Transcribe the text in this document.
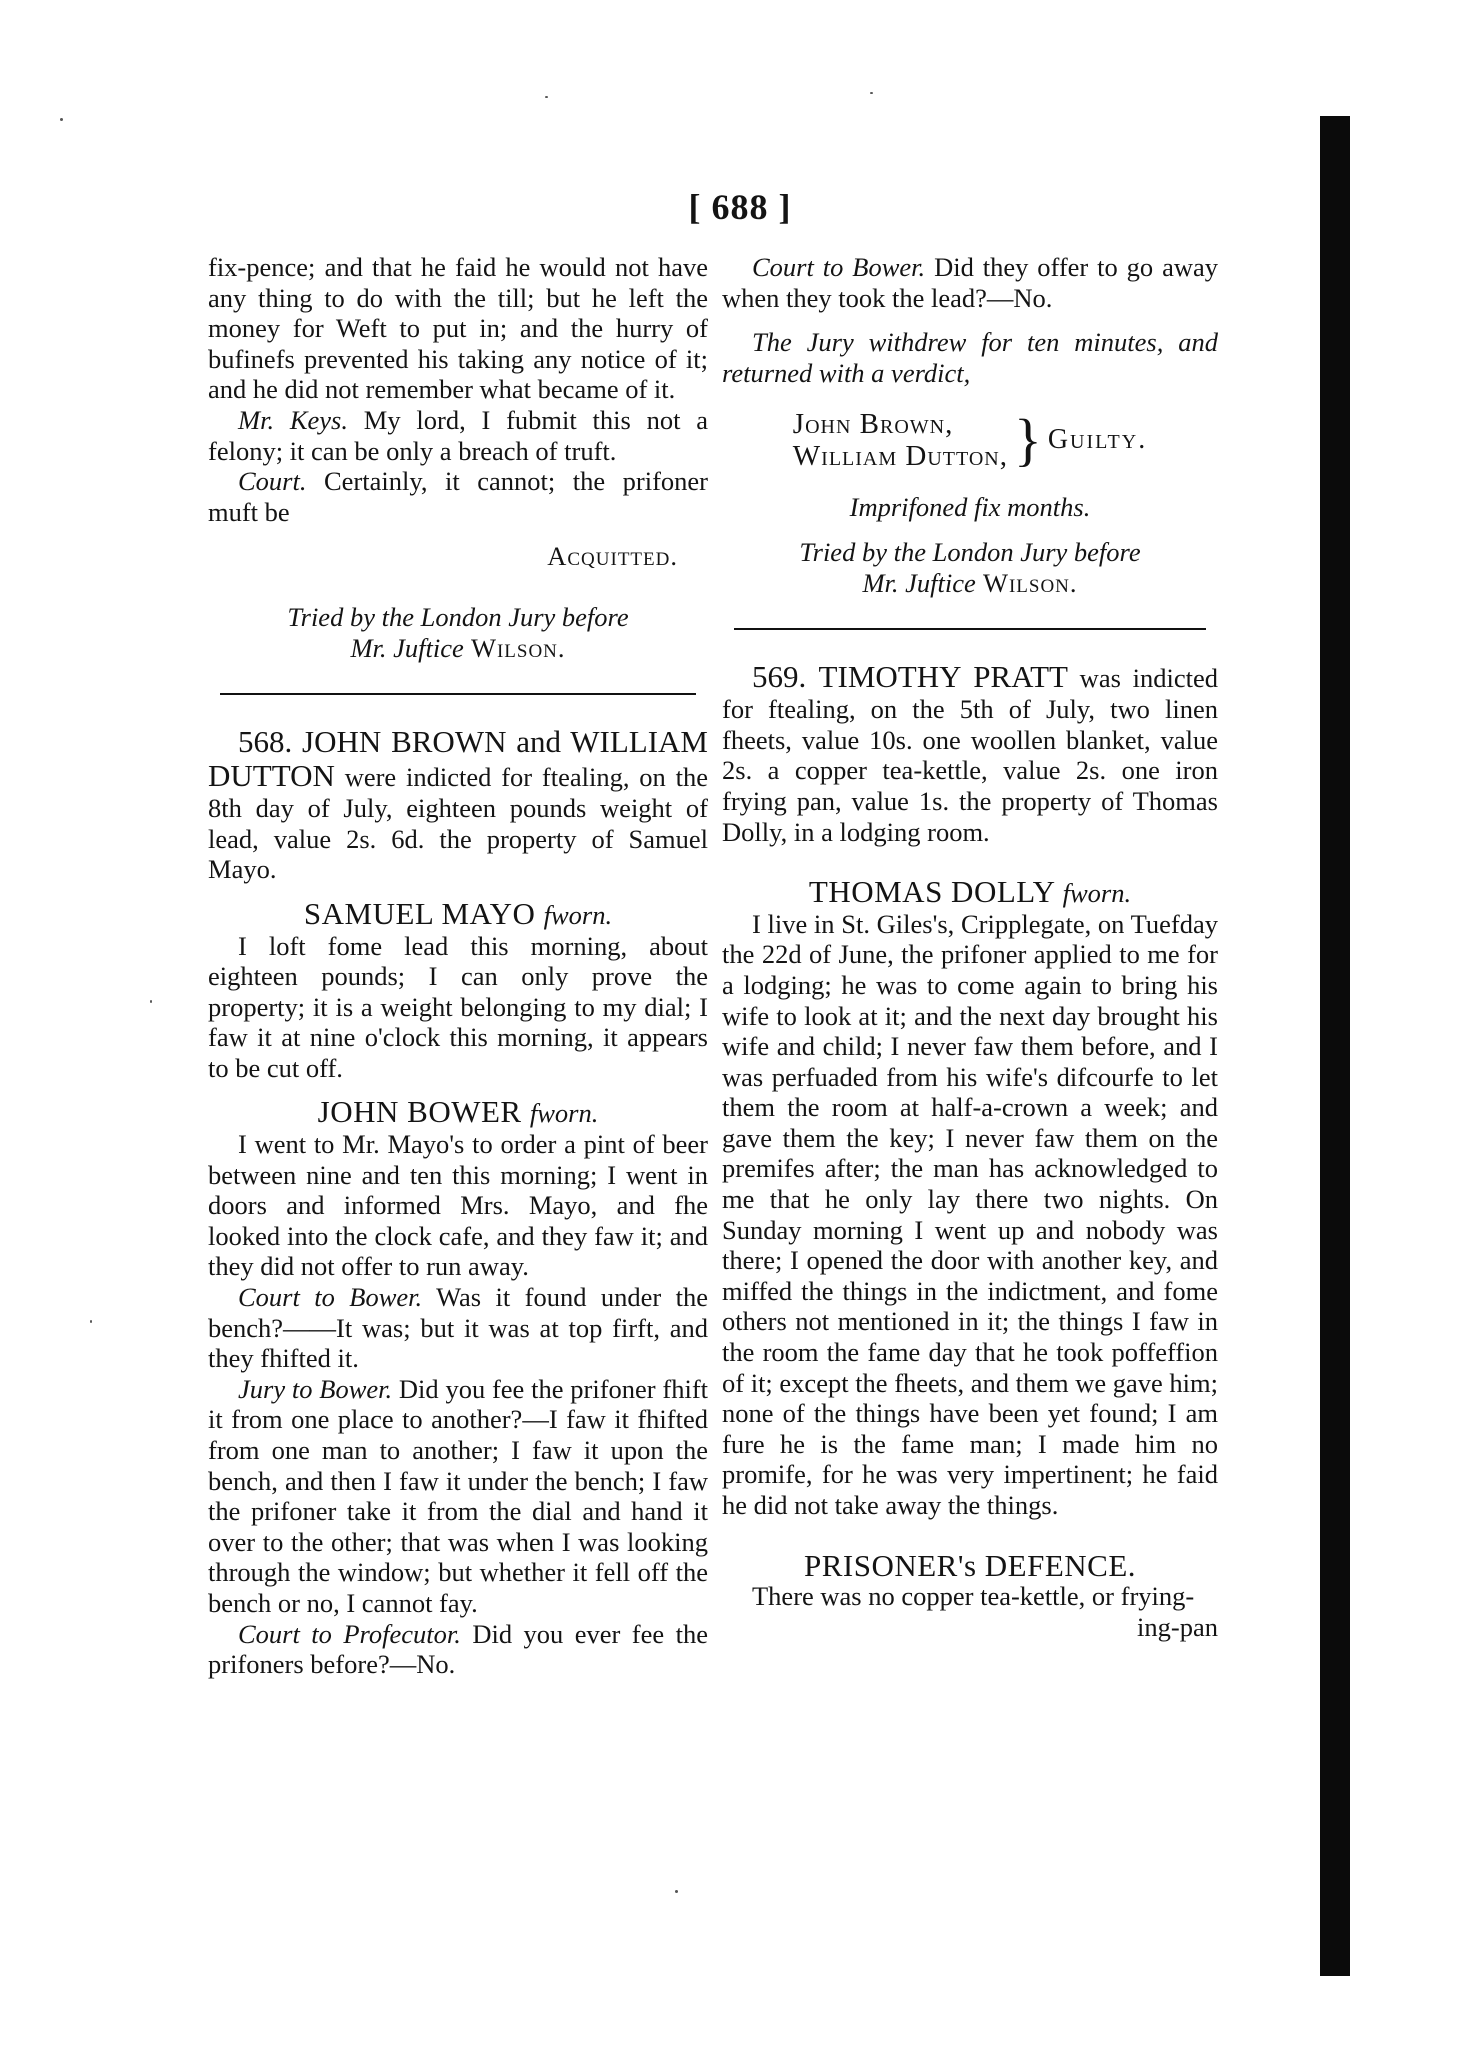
[ 688 ]

fix-pence; and that he faid he would not have any thing to do with the till; but he left the money for Weft to put in; and the hurry of bufinefs prevented his taking any notice of it; and he did not remember what became of it.

Mr. Keys. My lord, I fubmit this not a felony; it can be only a breach of truft.

Court. Certainly, it cannot; the prifoner muft be

Acquitted.

Tried by the London Jury before

Mr. Juftice Wilson.

568. JOHN BROWN and WILLIAM DUTTON were indicted for ftealing, on the 8th day of July, eighteen pounds weight of lead, value 2s. 6d. the property of Samuel Mayo.

SAMUEL MAYO fworn.

I loft fome lead this morning, about eighteen pounds; I can only prove the property; it is a weight belonging to my dial; I faw it at nine o'clock this morning, it appears to be cut off.

JOHN BOWER fworn.

I went to Mr. Mayo's to order a pint of beer between nine and ten this morning; I went in doors and informed Mrs. Mayo, and fhe looked into the clock cafe, and they faw it; and they did not offer to run away.

Court to Bower. Was it found under the bench?——It was; but it was at top firft, and they fhifted it.

Jury to Bower. Did you fee the prifoner fhift it from one place to another?—I faw it fhifted from one man to another; I faw it upon the bench, and then I faw it under the bench; I faw the prifoner take it from the dial and hand it over to the other; that was when I was looking through the window; but whether it fell off the bench or no, I cannot fay.

Court to Profecutor. Did you ever fee the prifoners before?—No.

Court to Bower. Did they offer to go away when they took the lead?—No.

The Jury withdrew for ten minutes, and returned with a verdict,

John Brown,
William Dutton, } Guilty.

Imprifoned fix months.

Tried by the London Jury before

Mr. Juftice Wilson.

569. TIMOTHY PRATT was indicted for ftealing, on the 5th of July, two linen fheets, value 10s. one woollen blanket, value 2s. a copper tea-kettle, value 2s. one iron frying pan, value 1s. the property of Thomas Dolly, in a lodging room.

THOMAS DOLLY fworn.

I live in St. Giles's, Cripplegate, on Tuefday the 22d of June, the prifoner applied to me for a lodging; he was to come again to bring his wife to look at it; and the next day brought his wife and child; I never faw them before, and I was perfuaded from his wife's difcourfe to let them the room at half-a-crown a week; and gave them the key; I never faw them on the premifes after; the man has acknowledged to me that he only lay there two nights. On Sunday morning I went up and nobody was there; I opened the door with another key, and miffed the things in the indictment, and fome others not mentioned in it; the things I faw in the room the fame day that he took poffeffion of it; except the fheets, and them we gave him; none of the things have been yet found; I am fure he is the fame man; I made him no promife, for he was very impertinent; he faid he did not take away the things.

PRISONER's DEFENCE.

There was no copper tea-kettle, or frying-

ing-pan
